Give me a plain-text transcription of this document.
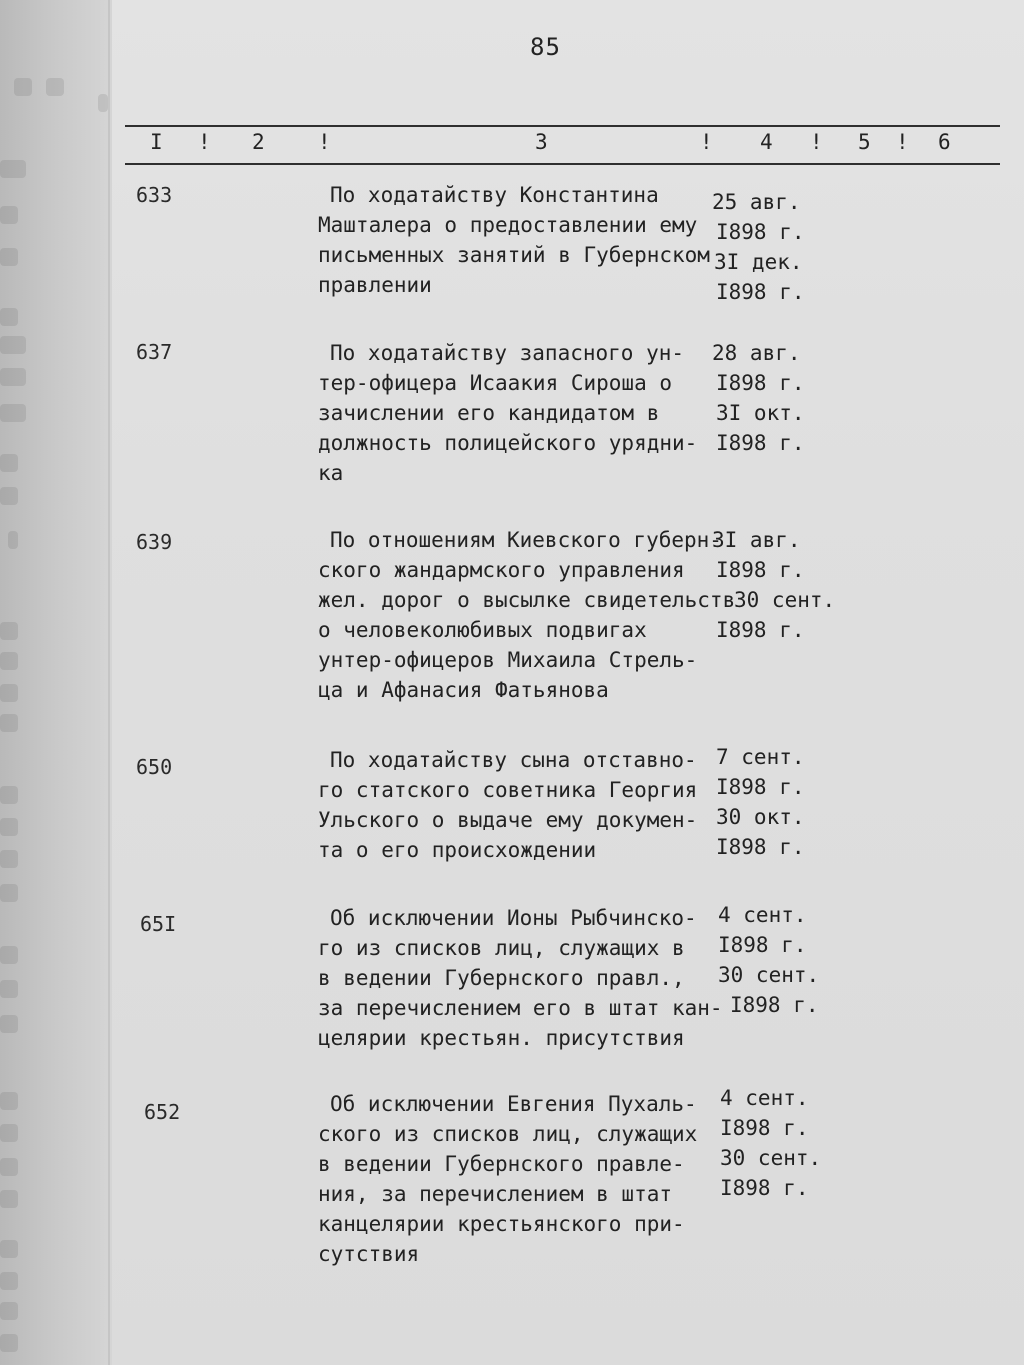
85
I ! 2	!	3	! 4 ! 5 ! 6
ᅠ
ᅠ
633	По ходатайству Константина
Машталера о предоставлении ему
письменных занятий в Губернском
правлении
25 авг.
I898 г.
3I дек.
I898 г.
637	По ходатайству запасного ун-
тер-офицера Исаакия Сироша о
зачислении его кандидатом в
должность полицейского урядни-
ка
28 авг.
I898 г.
3I окт.
I898 г.
639	По отношениям Киевского губерн-
ского жандармского управления
жел. дорог о высылке свидетельств
о человеколюбивых подвигах
унтер-офицеров Михаила Стрель-
ца и Афанасия Фатьянова
3I авг.
I898 г.
30 сент.
I898 г.
650	По ходатайству сына отставно-
го статского советника Георгия
Ульского о выдаче ему докумен-
та о его происхождении
7 сент.
I898 г.
30 окт.
I898 г.
65I	Об исключении Ионы Рыбчинско-
го из списков лиц, служащих в
в ведении Губернского правл.,
за перечислением его в штат кан-
целярии крестьян. присутствия
4 сент.
I898 г.
30 сент.
I898 г.
652	Об исключении Евгения Пухаль-
ского из списков лиц, служащих
в ведении Губернского правле-
ния, за перечислением в штат
канцелярии крестьянского при-
сутствия
4 сент.
I898 г.
30 сент.
I898 г.
